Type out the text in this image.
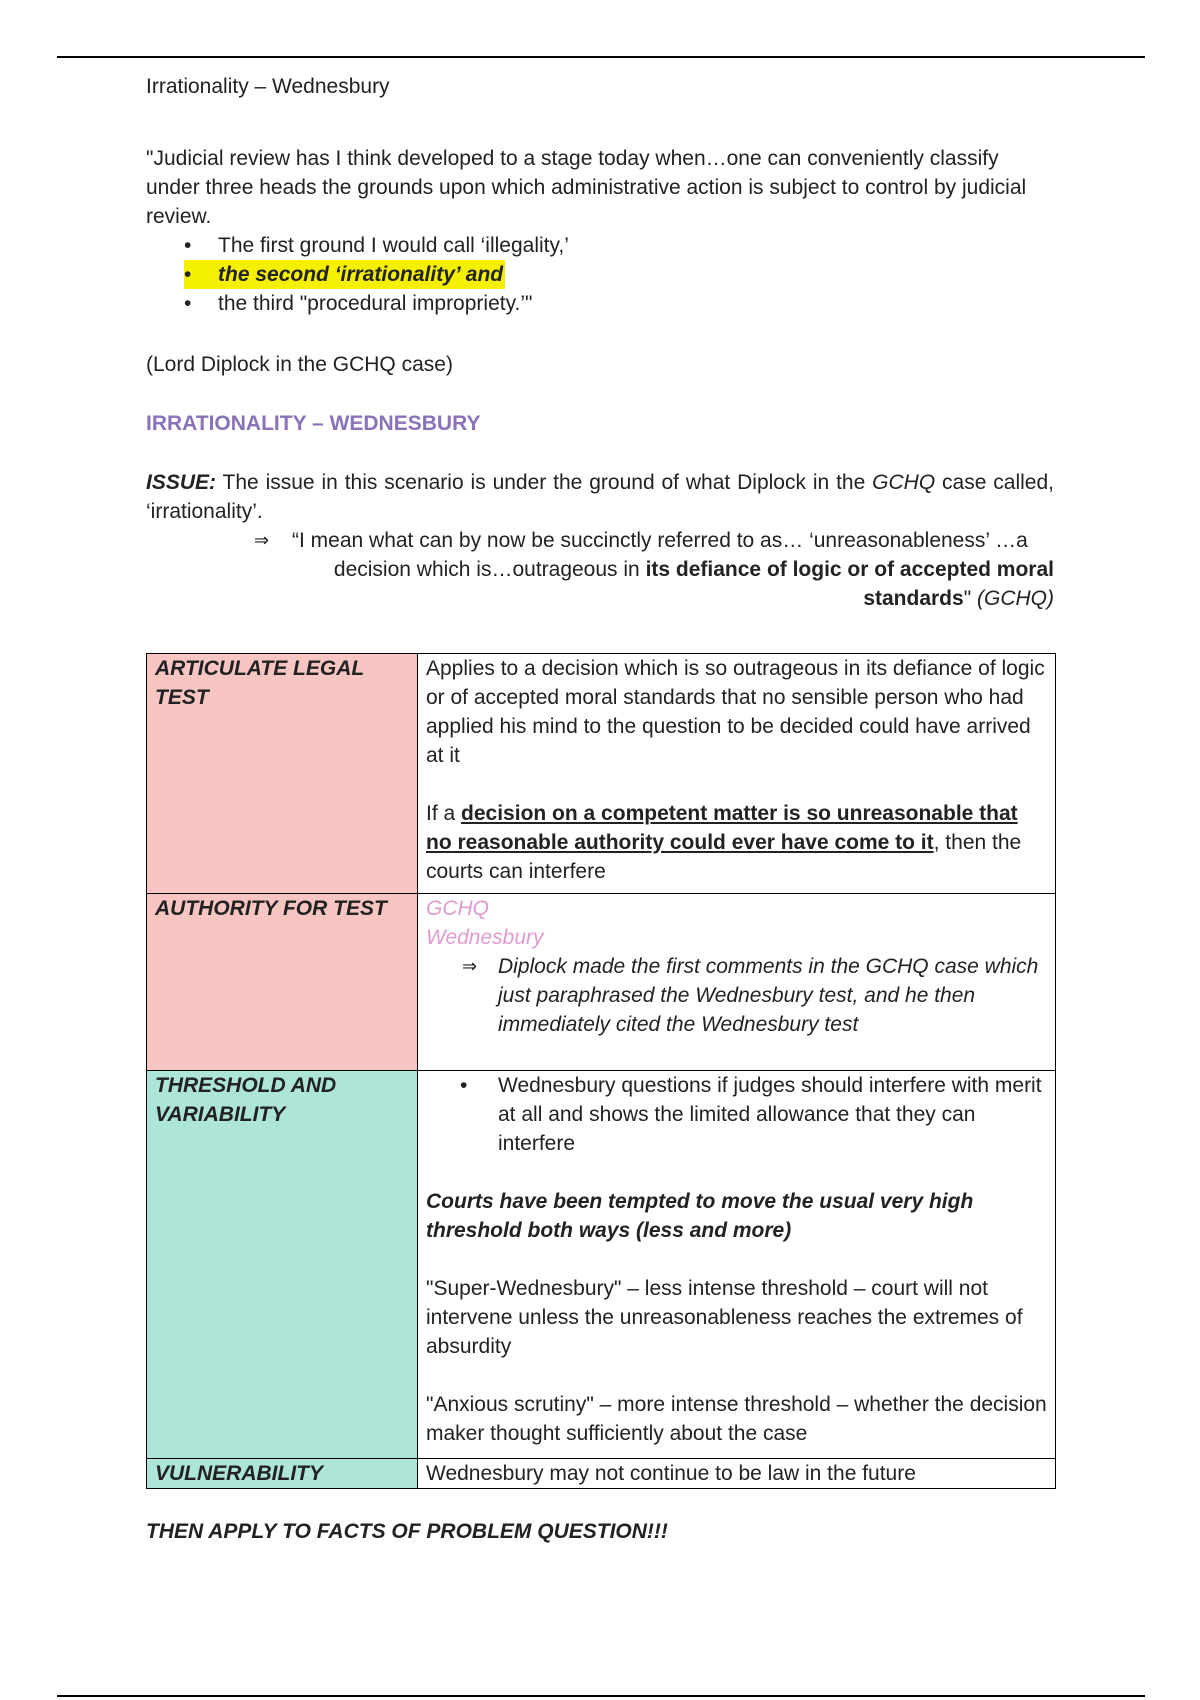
Irrationality – Wednesbury
"Judicial review has I think developed to a stage today when…one can conveniently classify under three heads the grounds upon which administrative action is subject to control by judicial review.
• The first ground I would call ‘illegality,’
• the second ‘irrationality’ and
• the third "procedural impropriety.’"
(Lord Diplock in the GCHQ case)
IRRATIONALITY – WEDNESBURY
ISSUE: The issue in this scenario is under the ground of what Diplock in the GCHQ case called, ‘irrationality’.
⇒ “I mean what can by now be succinctly referred to as… ‘unreasonableness’ …a
decision which is…outrageous in its defiance of logic or of accepted moral
standards" (GCHQ)
ARTICULATE LEGAL TEST	Applies to a decision which is so outrageous in its defiance of logic or of accepted moral standards that no sensible person who had applied his mind to the question to be decided could have arrived at it
If a decision on a competent matter is so unreasonable that no reasonable authority could ever have come to it, then the courts can interfere

AUTHORITY FOR TEST	GCHQ
Wednesbury
⇒ Diplock made the first comments in the GCHQ case which just paraphrased the Wednesbury test, and he then immediately cited the Wednesbury test

THRESHOLD AND VARIABILITY	• Wednesbury questions if judges should interfere with merit at all and shows the limited allowance that they can interfere
Courts have been tempted to move the usual very high threshold both ways (less and more)
"Super-Wednesbury" – less intense threshold – court will not intervene unless the unreasonableness reaches the extremes of absurdity
"Anxious scrutiny" – more intense threshold – whether the decision maker thought sufficiently about the case

VULNERABILITY	Wednesbury may not continue to be law in the future
THEN APPLY TO FACTS OF PROBLEM QUESTION!!!
